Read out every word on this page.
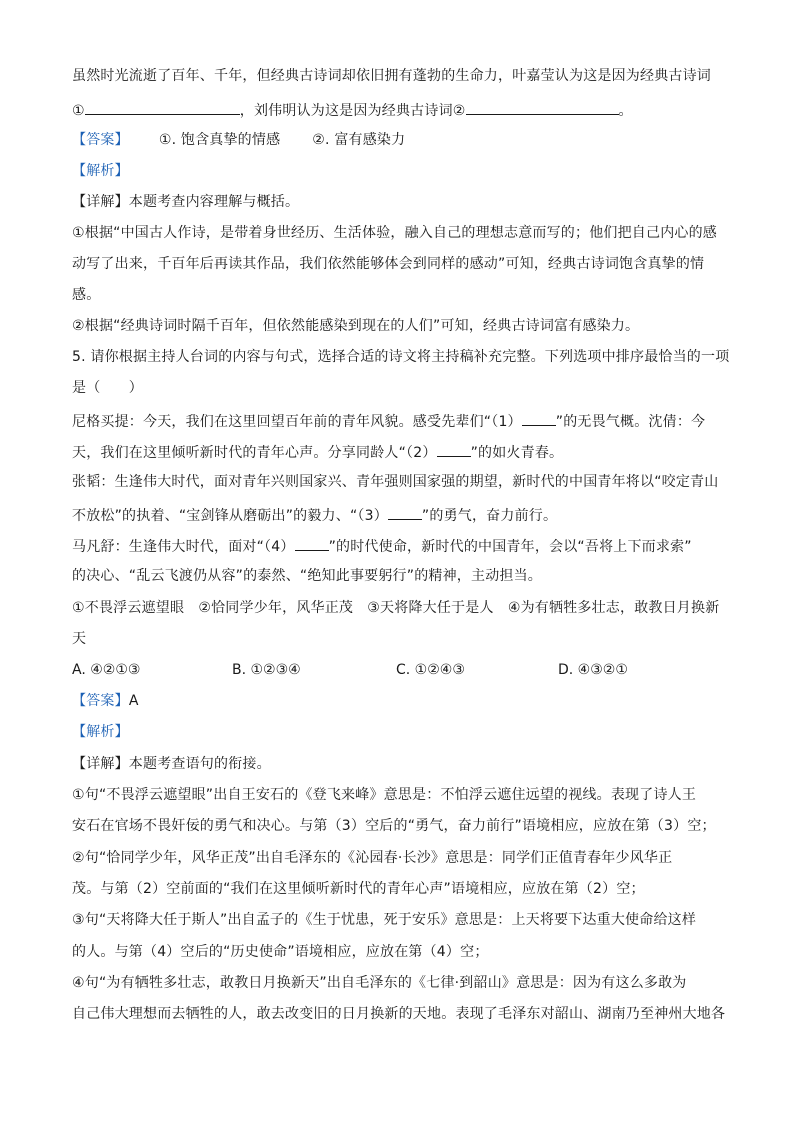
虽然时光流逝了百年、千年，但经典古诗词却依旧拥有蓬勃的生命力，叶嘉莹认为这是因为经典古诗词
①	，刘伟明认为这是因为经典古诗词②	。
【答案】 ①. 饱含真挚的情感 ②. 富有感染力
【解析】
【详解】本题考查内容理解与概括。
①根据“中国古人作诗，是带着身世经历、生活体验，融入自己的理想志意而写的；他们把自己内心的感
动写了出来，千百年后再读其作品，我们依然能够体会到同样的感动”可知，经典古诗词饱含真挚的情
感。
②根据“经典诗词时隔千百年，但依然能感染到现在的人们”可知，经典古诗词富有感染力。
5. 请你根据主持人台词的内容与句式，选择合适的诗文将主持稿补充完整。下列选项中排序最恰当的一项
是（　　）
尼格买提：今天，我们在这里回望百年前的青年风貌。感受先辈们“（1） ”的无畏气概。沈倩：今
天，我们在这里倾听新时代的青年心声。分享同龄人“（2） ”的如火青春。
张韬：生逢伟大时代，面对青年兴则国家兴、青年强则国家强的期望，新时代的中国青年将以“咬定青山
不放松”的执着、“宝剑锋从磨砺出”的毅力、“（3） ”的勇气，奋力前行。
马凡舒：生逢伟大时代，面对“（4） ”的时代使命，新时代的中国青年，会以“吾将上下而求索”
的决心、“乱云飞渡仍从容”的泰然、“绝知此事要躬行”的精神，主动担当。
①不畏浮云遮望眼　②恰同学少年，风华正茂　③天将降大任于是人　④为有牺牲多壮志，敢教日月换新
天
A. ④②①③	B. ①②③④	C. ①②④③	D. ④③②①
【答案】A
【解析】
【详解】本题考查语句的衔接。
①句“不畏浮云遮望眼”出自王安石的《登飞来峰》意思是：不怕浮云遮住远望的视线。表现了诗人王
安石在官场不畏奸佞的勇气和决心。与第（3）空后的“勇气，奋力前行”语境相应，应放在第（3）空；
②句“恰同学少年，风华正茂”出自毛泽东的《沁园春·长沙》意思是：同学们正值青春年少风华正
茂。与第（2）空前面的“我们在这里倾听新时代的青年心声”语境相应，应放在第（2）空；
③句“天将降大任于斯人”出自孟子的《生于忧患，死于安乐》意思是：上天将要下达重大使命给这样
的人。与第（4）空后的“历史使命”语境相应，应放在第（4）空；
④句“为有牺牲多壮志，敢教日月换新天”出自毛泽东的《七律·到韶山》意思是：因为有这么多敢为
自己伟大理想而去牺牲的人，敢去改变旧的日月换新的天地。表现了毛泽东对韶山、湖南乃至神州大地各
